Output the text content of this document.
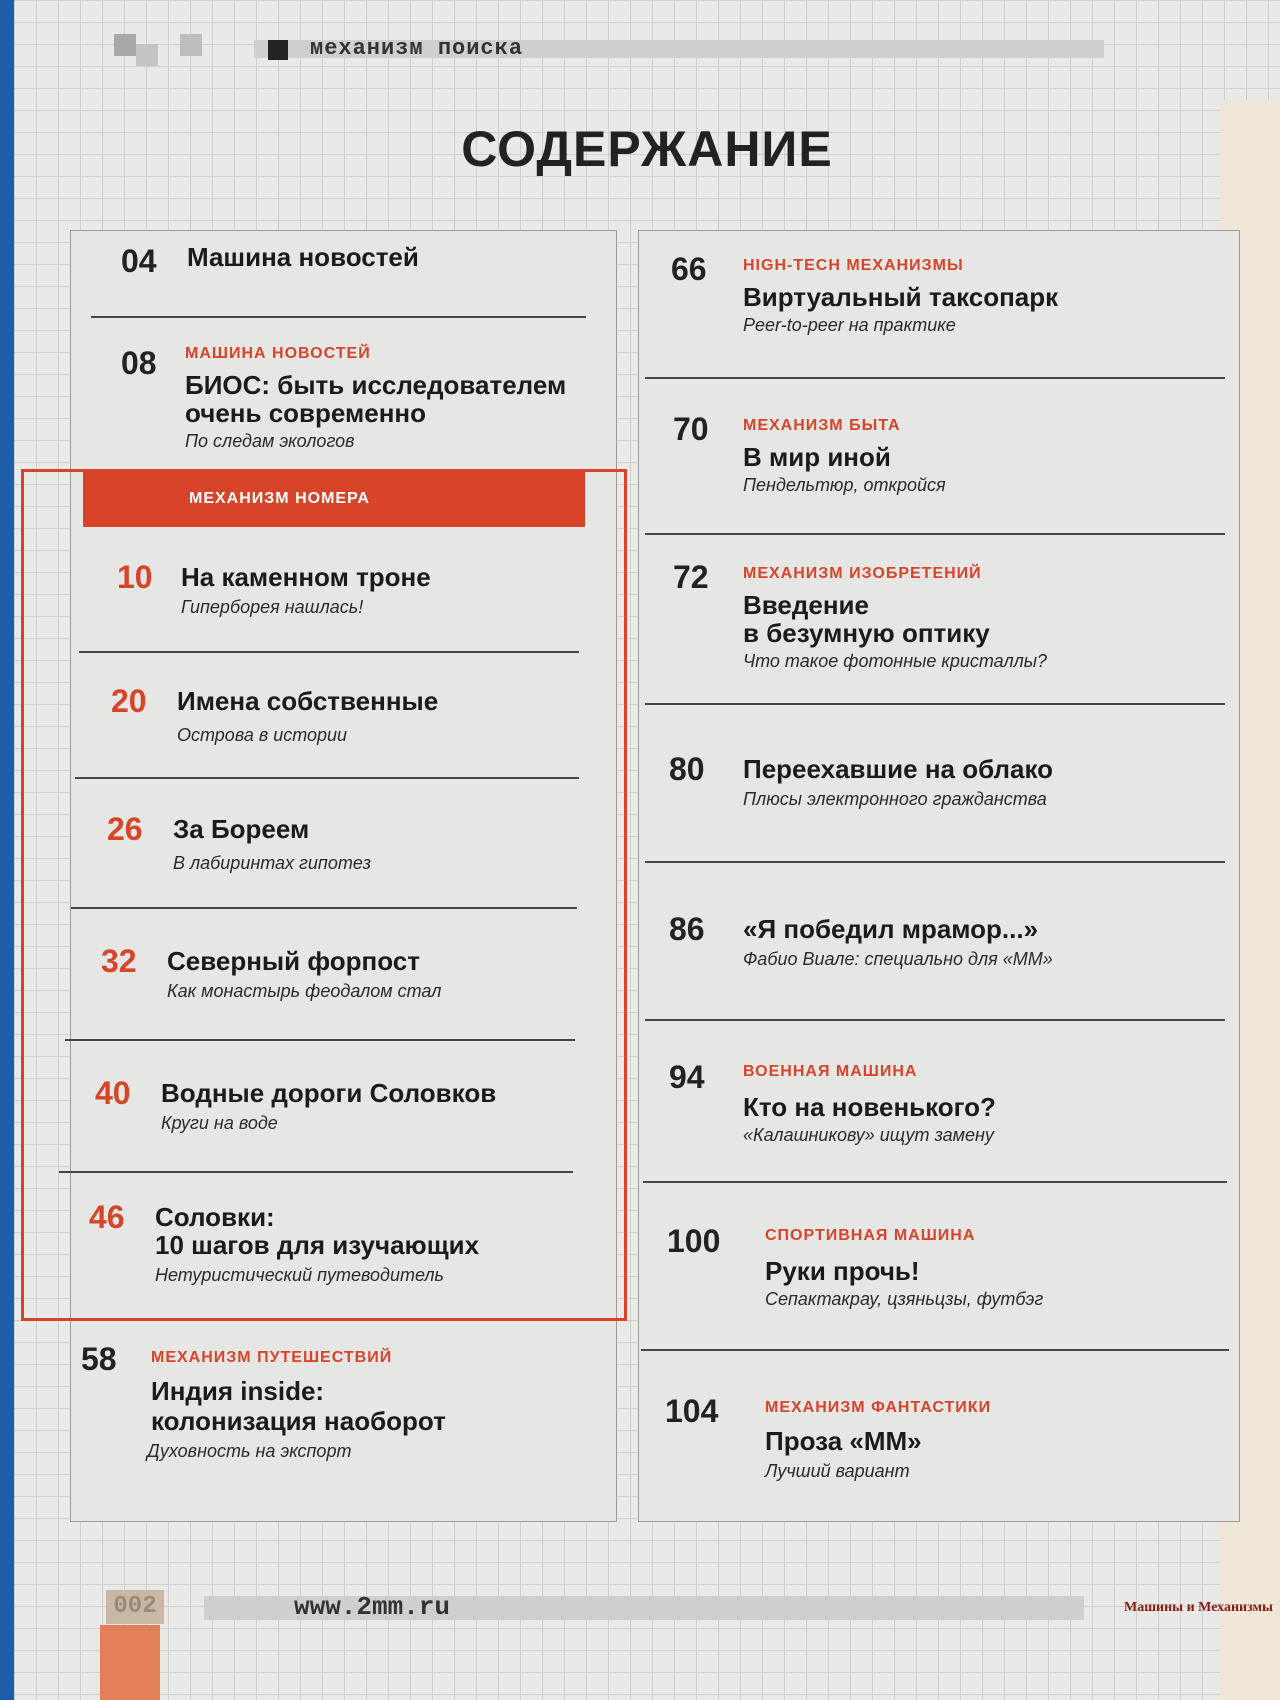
механизм поиска
СОДЕРЖАНИЕ
04 Машина новостей
08 МАШИНА НОВОСТЕЙ
БИОС: быть исследователем
очень современно
По следам экологов
МЕХАНИЗМ НОМЕРА
10 На каменном троне
Гиперборея нашлась!
20 Имена собственные
Острова в истории
26 За Бореем
В лабиринтах гипотез
32 Северный форпост
Как монастырь феодалом стал
40 Водные дороги Соловков
Круги на воде
46 Соловки:
10 шагов для изучающих
Нетуристический путеводитель
58 МЕХАНИЗМ ПУТЕШЕСТВИЙ
Индия inside:
колонизация наоборот
Духовность на экспорт
66 HIGH-TECH МЕХАНИЗМЫ
Виртуальный таксопарк
Peer-to-peer на практике
70 МЕХАНИЗМ БЫТА
В мир иной
Пендельтюр, откройся
72 МЕХАНИЗМ ИЗОБРЕТЕНИЙ
Введение
в безумную оптику
Что такое фотонные кристаллы?
80 Переехавшие на облако
Плюсы электронного гражданства
86 «Я победил мрамор...»
Фабио Виале: специально для «ММ»
94 ВОЕННАЯ МАШИНА
Кто на новенького?
«Калашникову» ищут замену
100	СПОРТИВНАЯ МАШИНА
Руки прочь!
Сепактакрау, цзяньцзы, футбэг
104	МЕХАНИЗМ ФАНТАСТИКИ
Проза «ММ»
Лучший вариант
002	www.2mm.ru	Машины и Механизмы
